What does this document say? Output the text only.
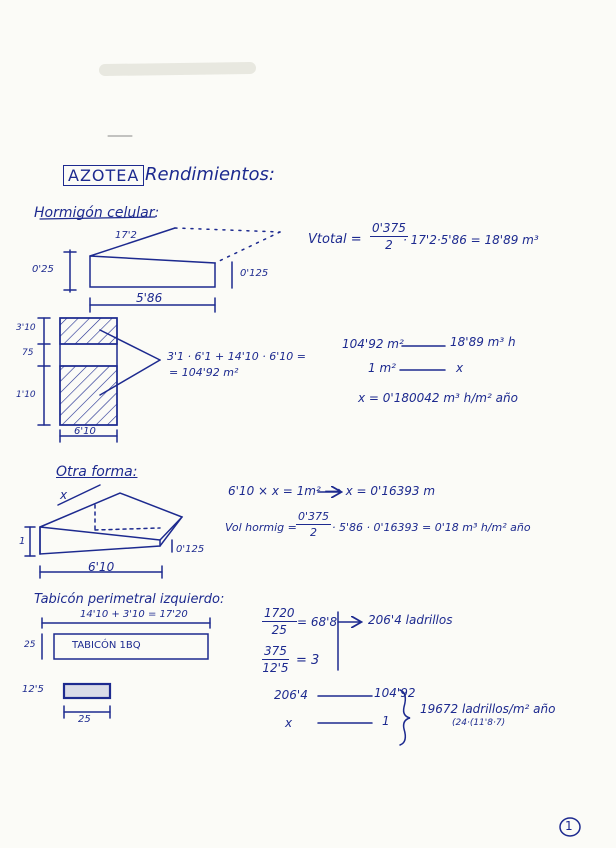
AZOTEA Rendimientos:
Hormigón celular:
17'2
0'25	0'125
5'86
Vtotal = $\frac{0'375}{2}$
· 17'2·5'86 = 18'89 m³
3'10
75
1'10
6'10
3'1 · 6'1 + 14'10 · 6'10 =
= 104'92 m²
104'92 m²	18'89 m³ h
1 m²	x
x = 0'180042 m³ h/m² año
Otra forma:
x
1
0'125
6'10
6'10 × x = 1m² ⟶ x = 0'16393 m
Vol hormig = $\frac{0'375}{2} \cdot 5'86 \cdot 0'16393 = 0'18$ m³ h/m² año
Tabicón perimetral izquierdo:
14'10 + 3'10 = 17'20
25	TABICÓN 1BQ
12'5
25
$\frac{1720}{25} = 68'8$
$\frac{375}{12'5} = 3$
206'4 ladrillos
206'4	104'92
x	1
19672 ladrillos/m² año
(24·(11'8·7)
1
